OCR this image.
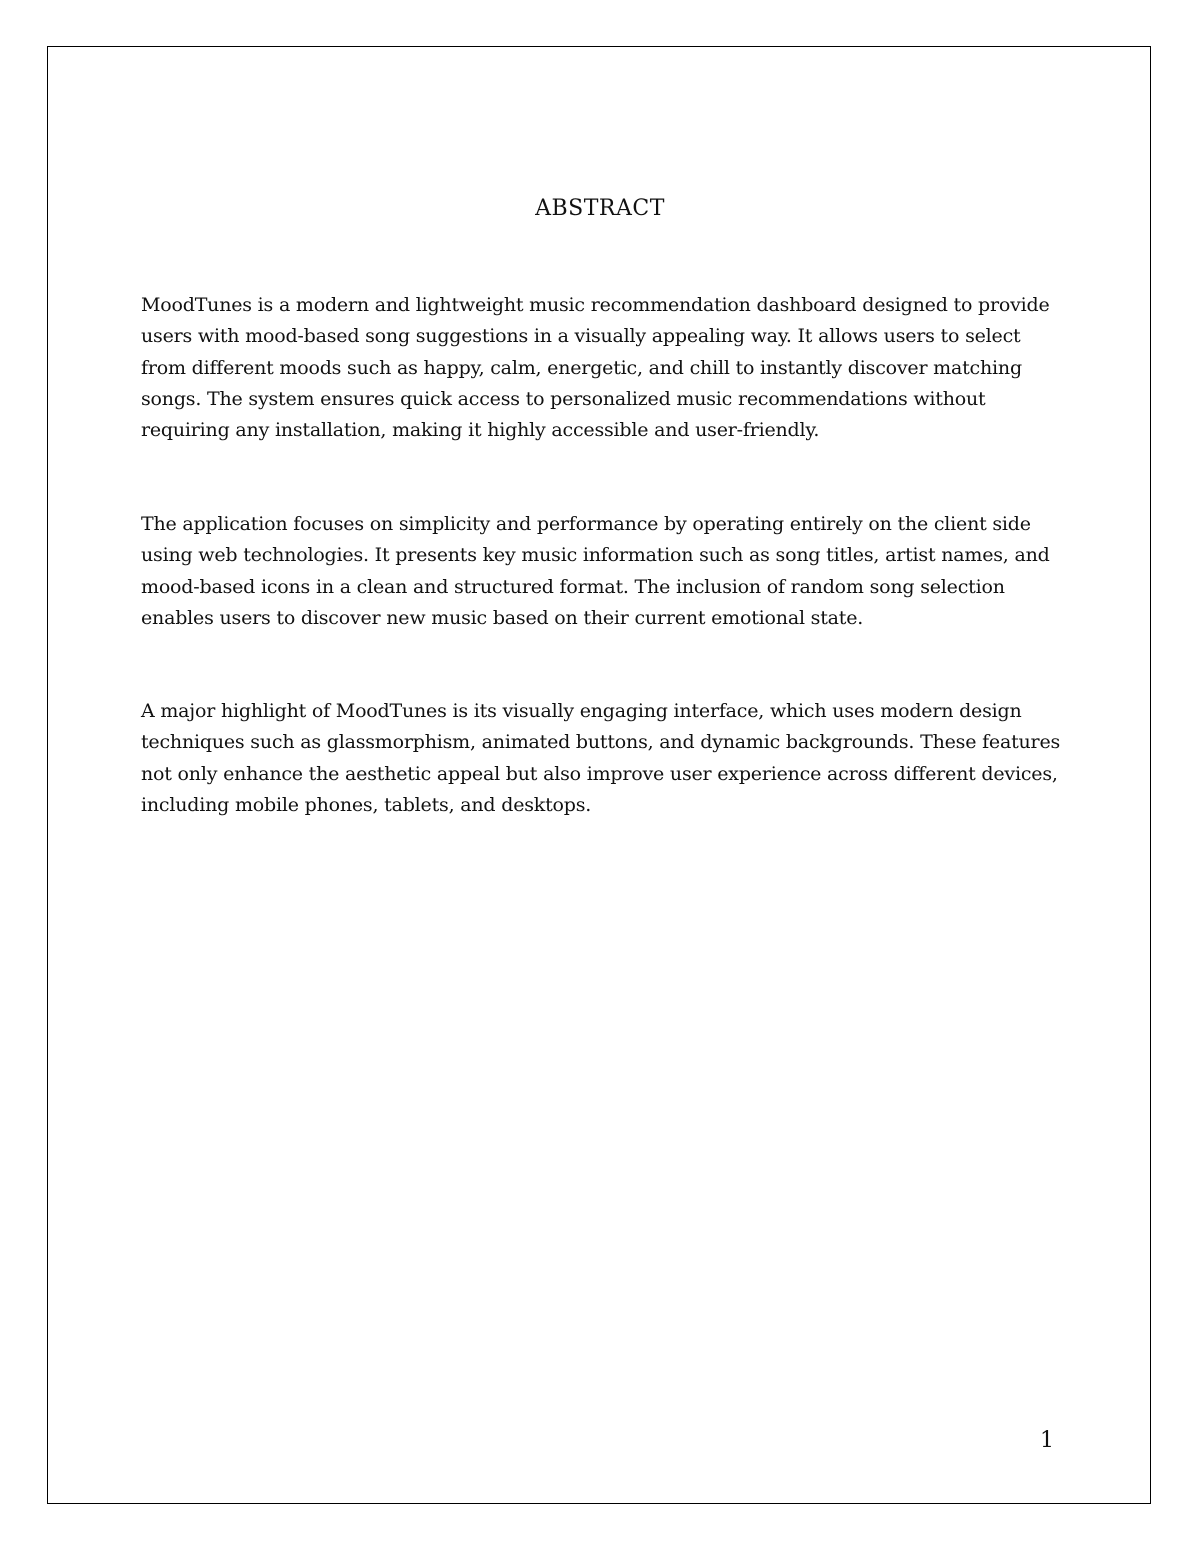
ABSTRACT

MoodTunes is a modern and lightweight music recommendation dashboard designed to provide users with mood-based song suggestions in a visually appealing way. It allows users to select from different moods such as happy, calm, energetic, and chill to instantly discover matching songs. The system ensures quick access to personalized music recommendations without requiring any installation, making it highly accessible and user-friendly.

The application focuses on simplicity and performance by operating entirely on the client side using web technologies. It presents key music information such as song titles, artist names, and mood-based icons in a clean and structured format. The inclusion of random song selection enables users to discover new music based on their current emotional state.

A major highlight of MoodTunes is its visually engaging interface, which uses modern design techniques such as glassmorphism, animated buttons, and dynamic backgrounds. These features not only enhance the aesthetic appeal but also improve user experience across different devices, including mobile phones, tablets, and desktops.

1
